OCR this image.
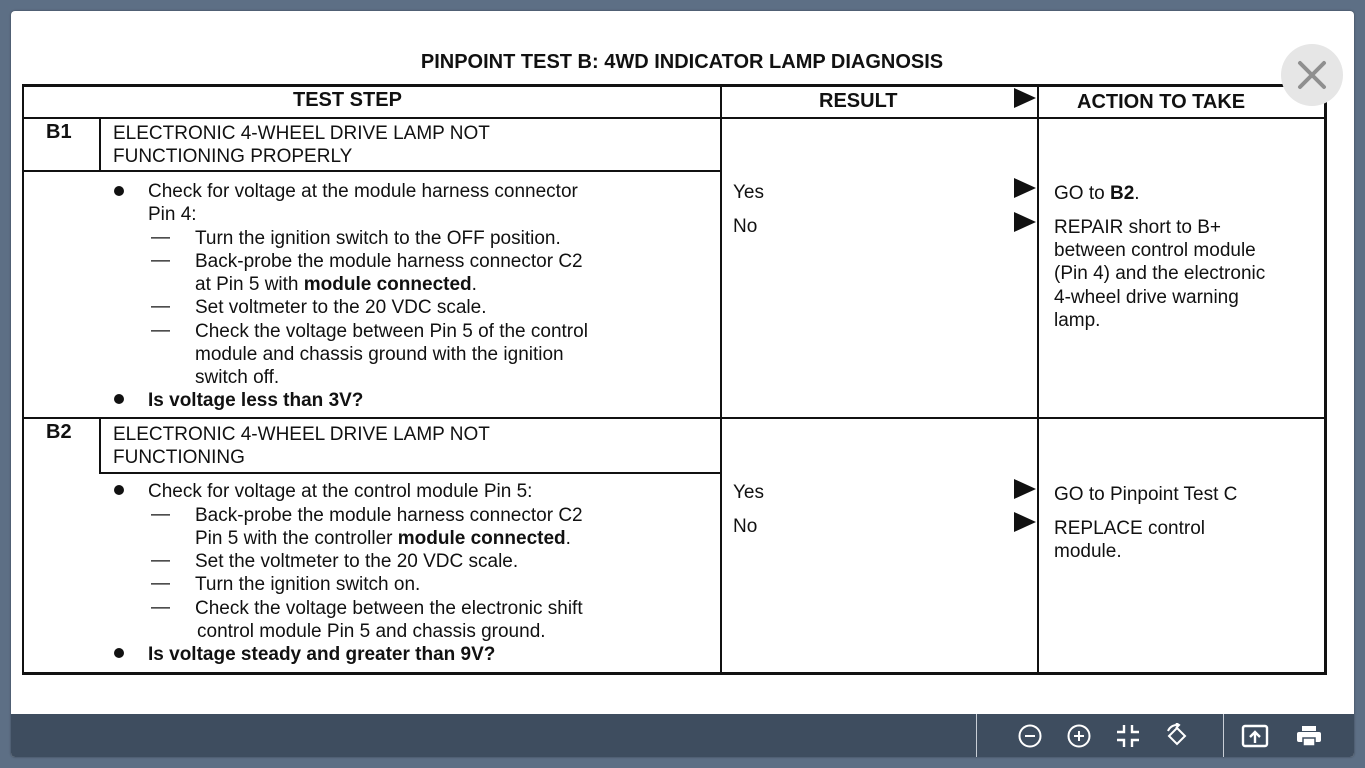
PINPOINT TEST B: 4WD INDICATOR LAMP DIAGNOSIS
TEST STEP	RESULT	ACTION TO TAKE
B1 ELECTRONIC 4-WHEEL DRIVE LAMP NOT
FUNCTIONING PROPERLY
Check for voltage at the module harness connector
Pin 4:
— Turn the ignition switch to the OFF position.
— Back-probe the module harness connector C2
at Pin 5 with module connected.
— Set voltmeter to the 20 VDC scale.
— Check the voltage between Pin 5 of the control
module and chassis ground with the ignition
switch off.
Is voltage less than 3V?
Yes
No
GO to B2.
REPAIR short to B+
between control module
(Pin 4) and the electronic
4-wheel drive warning
lamp.
B2 ELECTRONIC 4-WHEEL DRIVE LAMP NOT
FUNCTIONING
Check for voltage at the control module Pin 5:
— Back-probe the module harness connector C2
Pin 5 with the controller module connected.
— Set the voltmeter to the 20 VDC scale.
— Turn the ignition switch on.
— Check the voltage between the electronic shift
control module Pin 5 and chassis ground.
Is voltage steady and greater than 9V?
Yes
No
GO to Pinpoint Test C
REPLACE control
module.
